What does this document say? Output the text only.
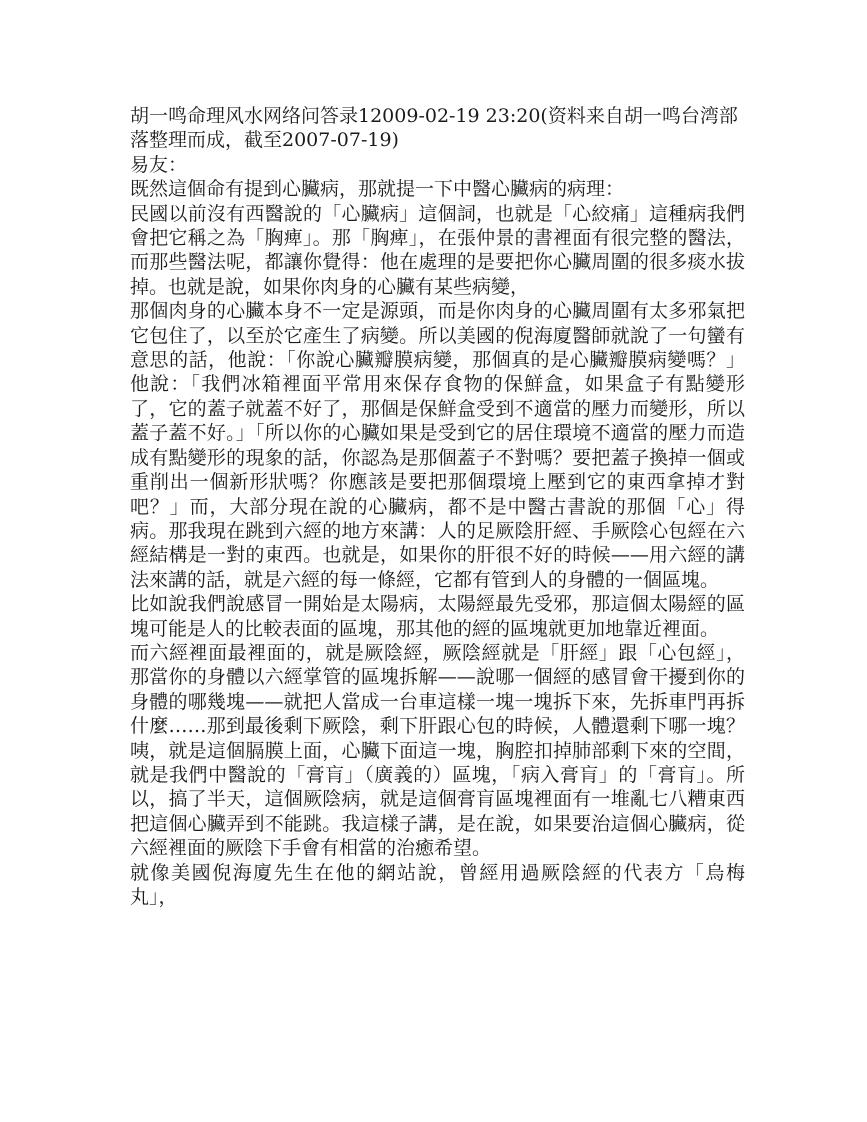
胡一鸣命理风水网络问答录12009-02-19 23:20(资料来自胡一鸣台湾部落整理而成，截至2007-07-19)

易友：

既然這個命有提到心臟病，那就提一下中醫心臟病的病理：

民國以前沒有西醫說的「心臟病」這個詞，也就是「心絞痛」這種病我們會把它稱之為「胸痺」。那「胸痺」，在張仲景的書裡面有很完整的醫法，而那些醫法呢，都讓你覺得：他在處理的是要把你心臟周圍的很多痰水拔掉。也就是說，如果你肉身的心臟有某些病變，

那個肉身的心臟本身不一定是源頭，而是你肉身的心臟周圍有太多邪氣把它包住了，以至於它產生了病變。所以美國的倪海廈醫師就說了一句蠻有意思的話，他說：「你說心臟瓣膜病變，那個真的是心臟瓣膜病變嗎？」他說：「我們冰箱裡面平常用來保存食物的保鮮盒，如果盒子有點變形了，它的蓋子就蓋不好了，那個是保鮮盒受到不適當的壓力而變形，所以蓋子蓋不好。」「所以你的心臟如果是受到它的居住環境不適當的壓力而造成有點變形的現象的話，你認為是那個蓋子不對嗎？要把蓋子換掉一個或重削出一個新形狀嗎？你應該是要把那個環境上壓到它的東西拿掉才對吧？」而，大部分現在說的心臟病，都不是中醫古書說的那個「心」得病。那我現在跳到六經的地方來講：人的足厥陰肝經、手厥陰心包經在六經結構是一對的東西。也就是，如果你的肝很不好的時候——用六經的講法來講的話，就是六經的每一條經，它都有管到人的身體的一個區塊。

比如說我們說感冒一開始是太陽病，太陽經最先受邪，那這個太陽經的區塊可能是人的比較表面的區塊，那其他的經的區塊就更加地靠近裡面。

而六經裡面最裡面的，就是厥陰經，厥陰經就是「肝經」跟「心包經」，那當你的身體以六經掌管的區塊拆解——說哪一個經的感冒會干擾到你的身體的哪幾塊——就把人當成一台車這樣一塊一塊拆下來，先拆車門再拆什麼……那到最後剩下厥陰，剩下肝跟心包的時候，人體還剩下哪一塊？咦，就是這個膈膜上面，心臟下面這一塊，胸腔扣掉肺部剩下來的空間，就是我們中醫說的「膏肓」（廣義的）區塊，「病入膏肓」的「膏肓」。所以，搞了半天，這個厥陰病，就是這個膏肓區塊裡面有一堆亂七八糟東西把這個心臟弄到不能跳。我這樣子講，是在說，如果要治這個心臟病，從六經裡面的厥陰下手會有相當的治癒希望。

就像美國倪海廈先生在他的網站說，曾經用過厥陰經的代表方「烏梅丸」，
